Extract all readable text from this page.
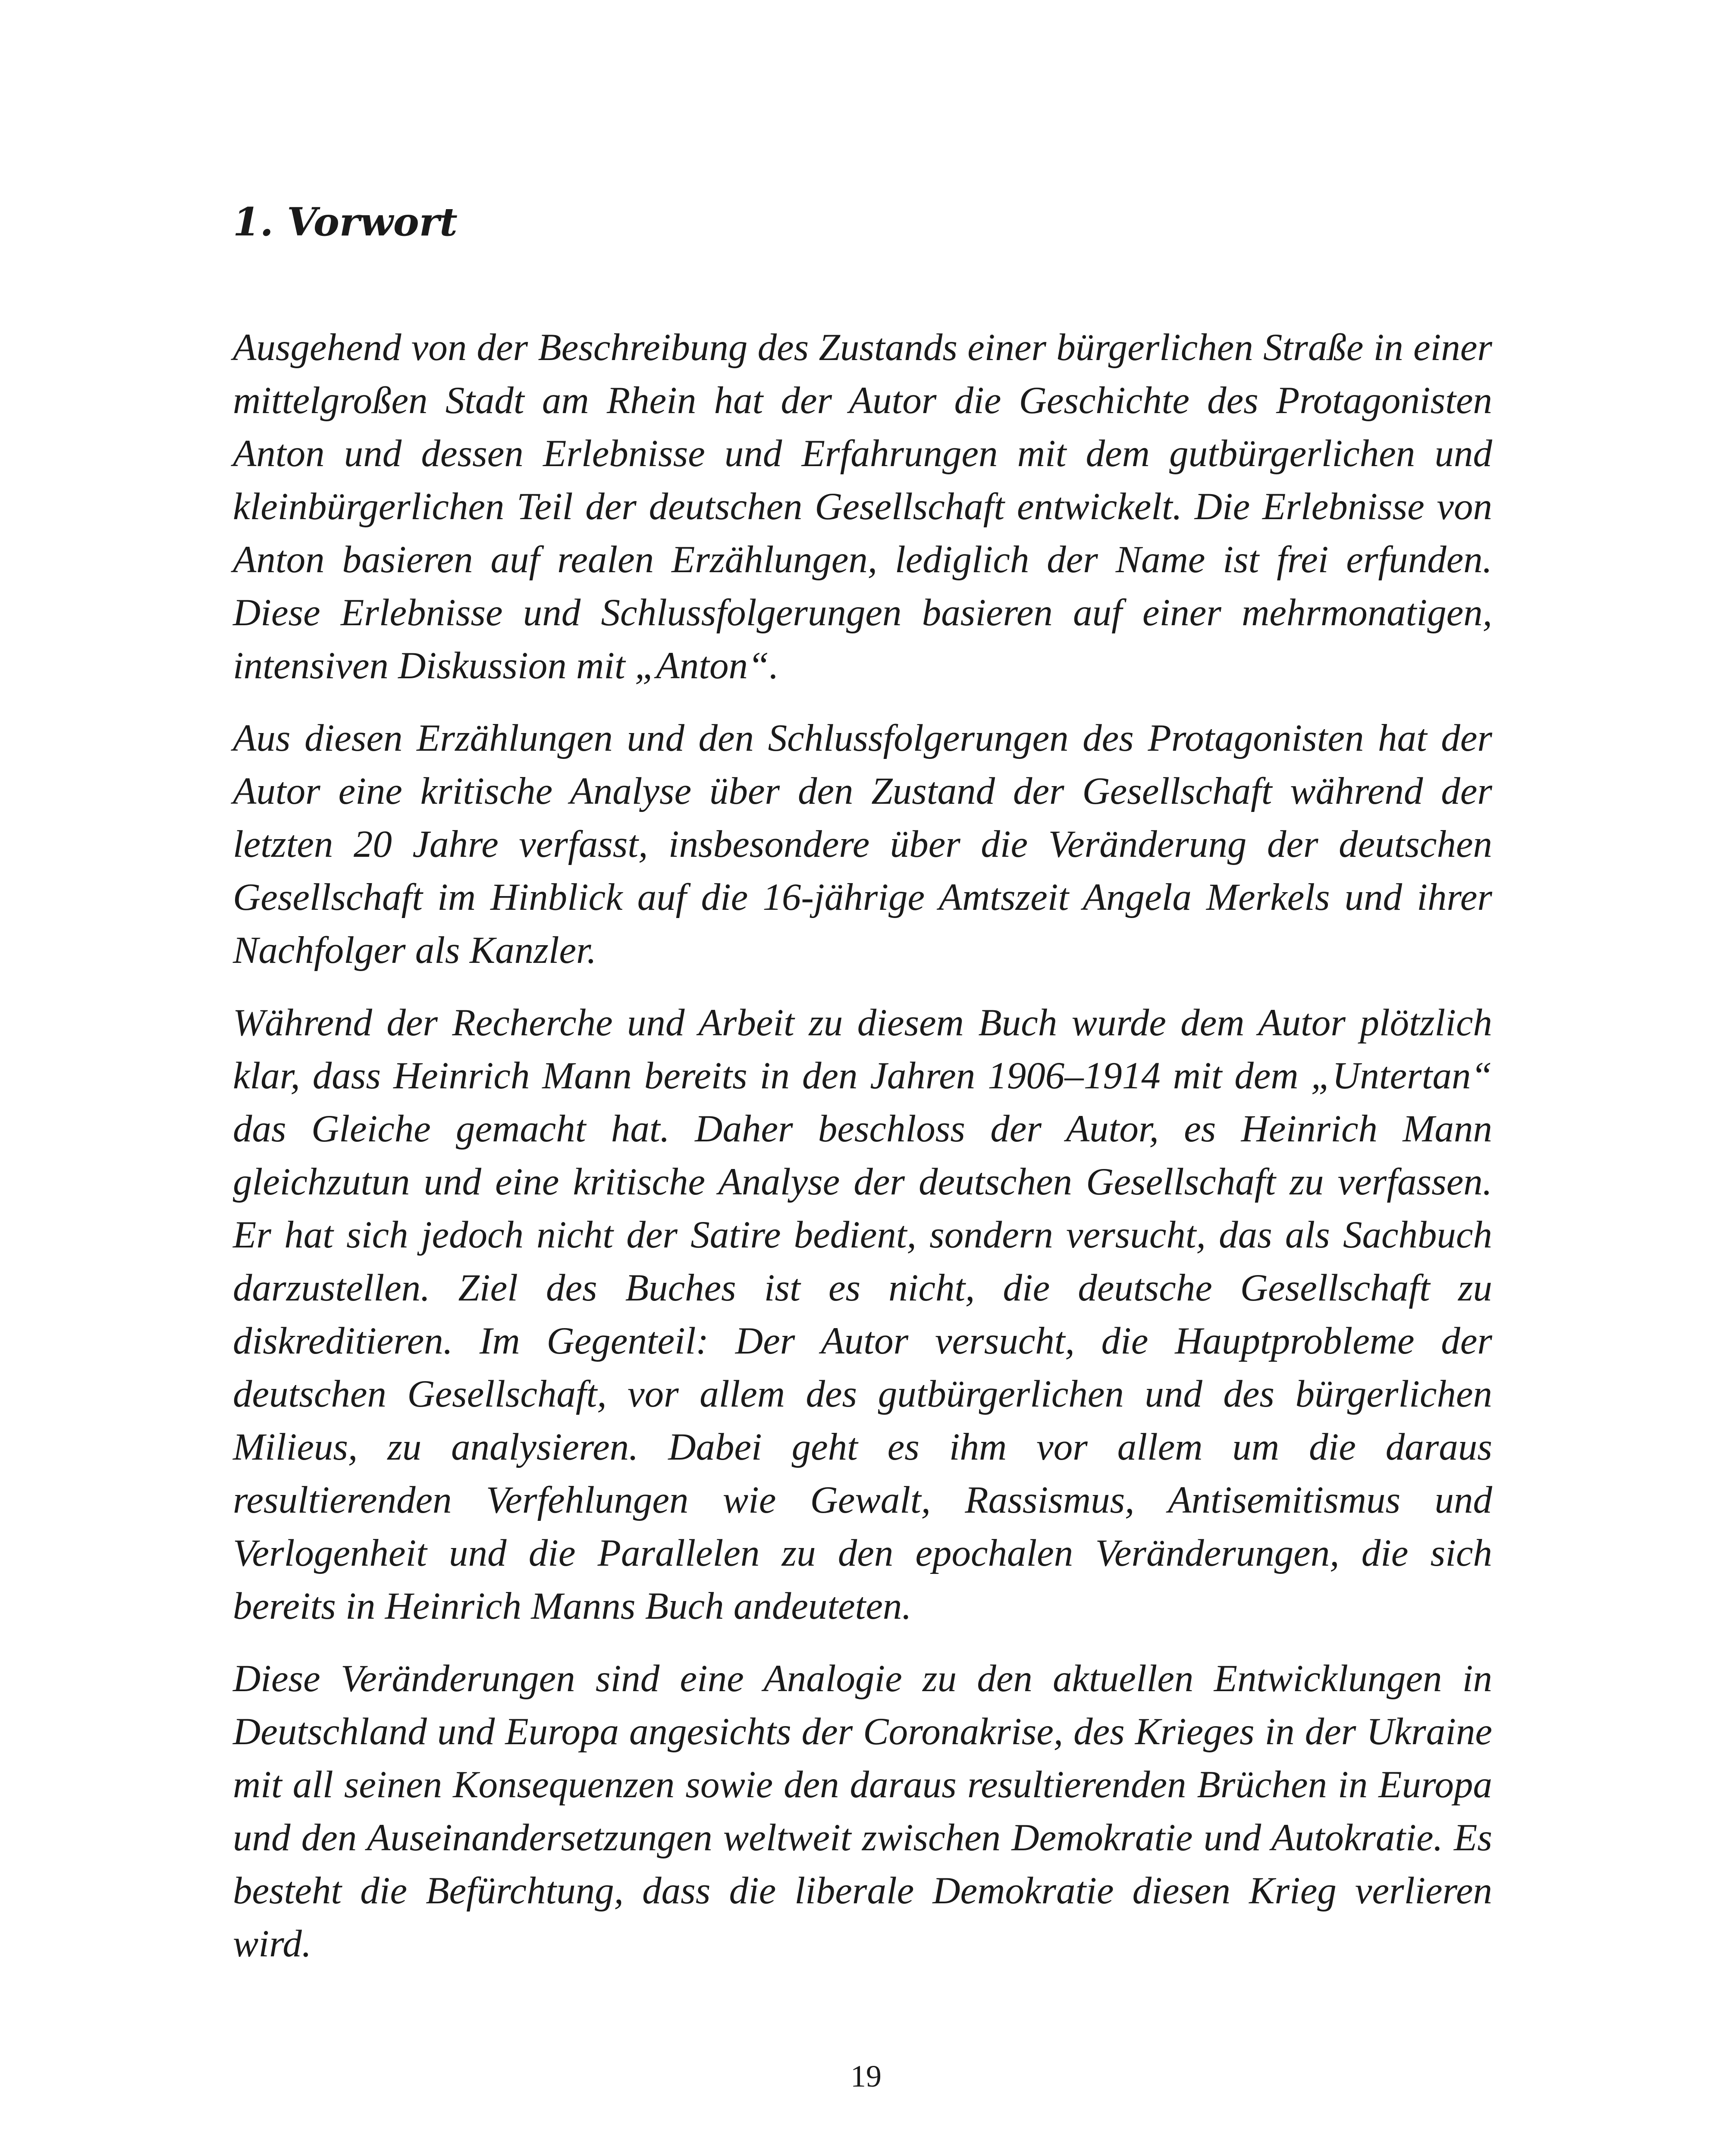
1. Vorwort

Ausgehend von der Beschreibung des Zustands einer bürgerlichen Straße in einer mittelgroßen Stadt am Rhein hat der Autor die Geschichte des Protagonisten Anton und dessen Erlebnisse und Erfahrungen mit dem gutbürgerlichen und kleinbürgerlichen Teil der deutschen Gesellschaft entwickelt. Die Erlebnisse von Anton basieren auf realen Erzählungen, lediglich der Name ist frei erfunden. Diese Erlebnisse und Schlussfolgerungen basieren auf einer mehrmonatigen, intensiven Diskussion mit „Anton“.

Aus diesen Erzählungen und den Schlussfolgerungen des Protagonisten hat der Autor eine kritische Analyse über den Zustand der Gesellschaft während der letzten 20 Jahre verfasst, insbesondere über die Veränderung der deutschen Gesellschaft im Hinblick auf die 16-jährige Amtszeit Angela Merkels und ihrer Nachfolger als Kanzler.

Während der Recherche und Arbeit zu diesem Buch wurde dem Autor plötzlich klar, dass Heinrich Mann bereits in den Jahren 1906–1914 mit dem „Untertan“ das Gleiche gemacht hat. Daher beschloss der Autor, es Heinrich Mann gleichzutun und eine kritische Analyse der deutschen Gesellschaft zu verfassen. Er hat sich jedoch nicht der Satire bedient, sondern versucht, das als Sachbuch darzustellen. Ziel des Buches ist es nicht, die deutsche Gesellschaft zu diskreditieren. Im Gegenteil: Der Autor versucht, die Hauptprobleme der deutschen Gesellschaft, vor allem des gutbürgerlichen und des bürgerlichen Milieus, zu analysieren. Dabei geht es ihm vor allem um die daraus resultierenden Verfehlungen wie Gewalt, Rassismus, Antisemitismus und Verlogenheit und die Parallelen zu den epochalen Veränderungen, die sich bereits in Heinrich Manns Buch andeuteten.

Diese Veränderungen sind eine Analogie zu den aktuellen Entwicklungen in Deutschland und Europa angesichts der Coronakrise, des Krieges in der Ukraine mit all seinen Konsequenzen sowie den daraus resultierenden Brüchen in Europa und den Auseinandersetzungen weltweit zwischen Demokratie und Autokratie. Es besteht die Befürchtung, dass die liberale Demokratie diesen Krieg verlieren wird.

19
